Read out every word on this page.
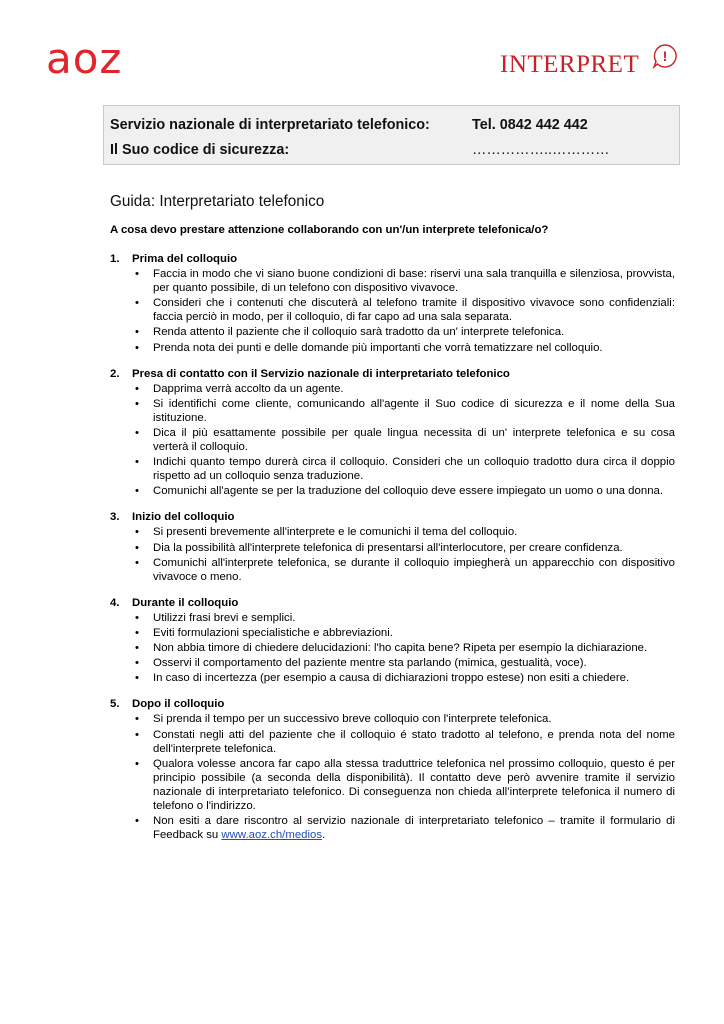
aoz	INTERPRET !
Servizio nazionale di interpretariato telefonico:	Tel. 0842 442 442
Il Suo codice di sicurezza:	……………..…………
Guida: Interpretariato telefonico
A cosa devo prestare attenzione collaborando con un'/un interprete telefonica/o?
1.	Prima del colloquio
• Faccia in modo che vi siano buone condizioni di base: riservi una sala tranquilla e silenziosa, provvista, per quanto possibile, di un telefono con dispositivo vivavoce.
• Consideri che i contenuti che discuterà al telefono tramite il dispositivo vivavoce sono confidenziali: faccia perciò in modo, per il colloquio, di far capo ad una sala separata.
• Renda attento il paziente che il colloquio sarà tradotto da un' interprete telefonica.
• Prenda nota dei punti e delle domande più importanti che vorrà tematizzare nel colloquio.
2.	Presa di contatto con il Servizio nazionale di interpretariato telefonico
• Dapprima verrà accolto da un agente.
• Si identifichi come cliente, comunicando all'agente il Suo codice di sicurezza e il nome della Sua istituzione.
• Dica il più esattamente possibile per quale lingua necessita di un' interprete telefonica e su cosa verterà il colloquio.
• Indichi quanto tempo durerà circa il colloquio. Consideri che un colloquio tradotto dura circa il doppio rispetto ad un colloquio senza traduzione.
• Comunichi all'agente se per la traduzione del colloquio deve essere impiegato un uomo o una donna.
3.	Inizio del colloquio
• Si presenti brevemente all'interprete e le comunichi il tema del colloquio.
• Dia la possibilità all'interprete telefonica di presentarsi all'interlocutore, per creare confidenza.
• Comunichi all'interprete telefonica, se durante il colloquio impiegherà un apparecchio con dispositivo vivavoce o meno.
4.	Durante il colloquio
• Utilizzi frasi brevi e semplici.
• Eviti formulazioni specialistiche e abbreviazioni.
• Non abbia timore di chiedere delucidazioni: l'ho capita bene? Ripeta per esempio la dichiarazione.
• Osservi il comportamento del paziente mentre sta parlando (mimica, gestualità, voce).
• In caso di incertezza (per esempio a causa di dichiarazioni troppo estese) non esiti a chiedere.
5.	Dopo il colloquio
• Si prenda il tempo per un successivo breve colloquio con l'interprete telefonica.
• Constati negli atti del paziente che il colloquio é stato tradotto al telefono, e prenda nota del nome dell'interprete telefonica.
• Qualora volesse ancora far capo alla stessa traduttrice telefonica nel prossimo colloquio, questo é per principio possibile (a seconda della disponibilità). Il contatto deve però avvenire tramite il servizio nazionale di interpretariato telefonico. Di conseguenza non chieda all’interprete telefonica il numero di telefono o l'indirizzo.
• Non esiti a dare riscontro al servizio nazionale di interpretariato telefonico – tramite il formulario di Feedback su www.aoz.ch/medios.
